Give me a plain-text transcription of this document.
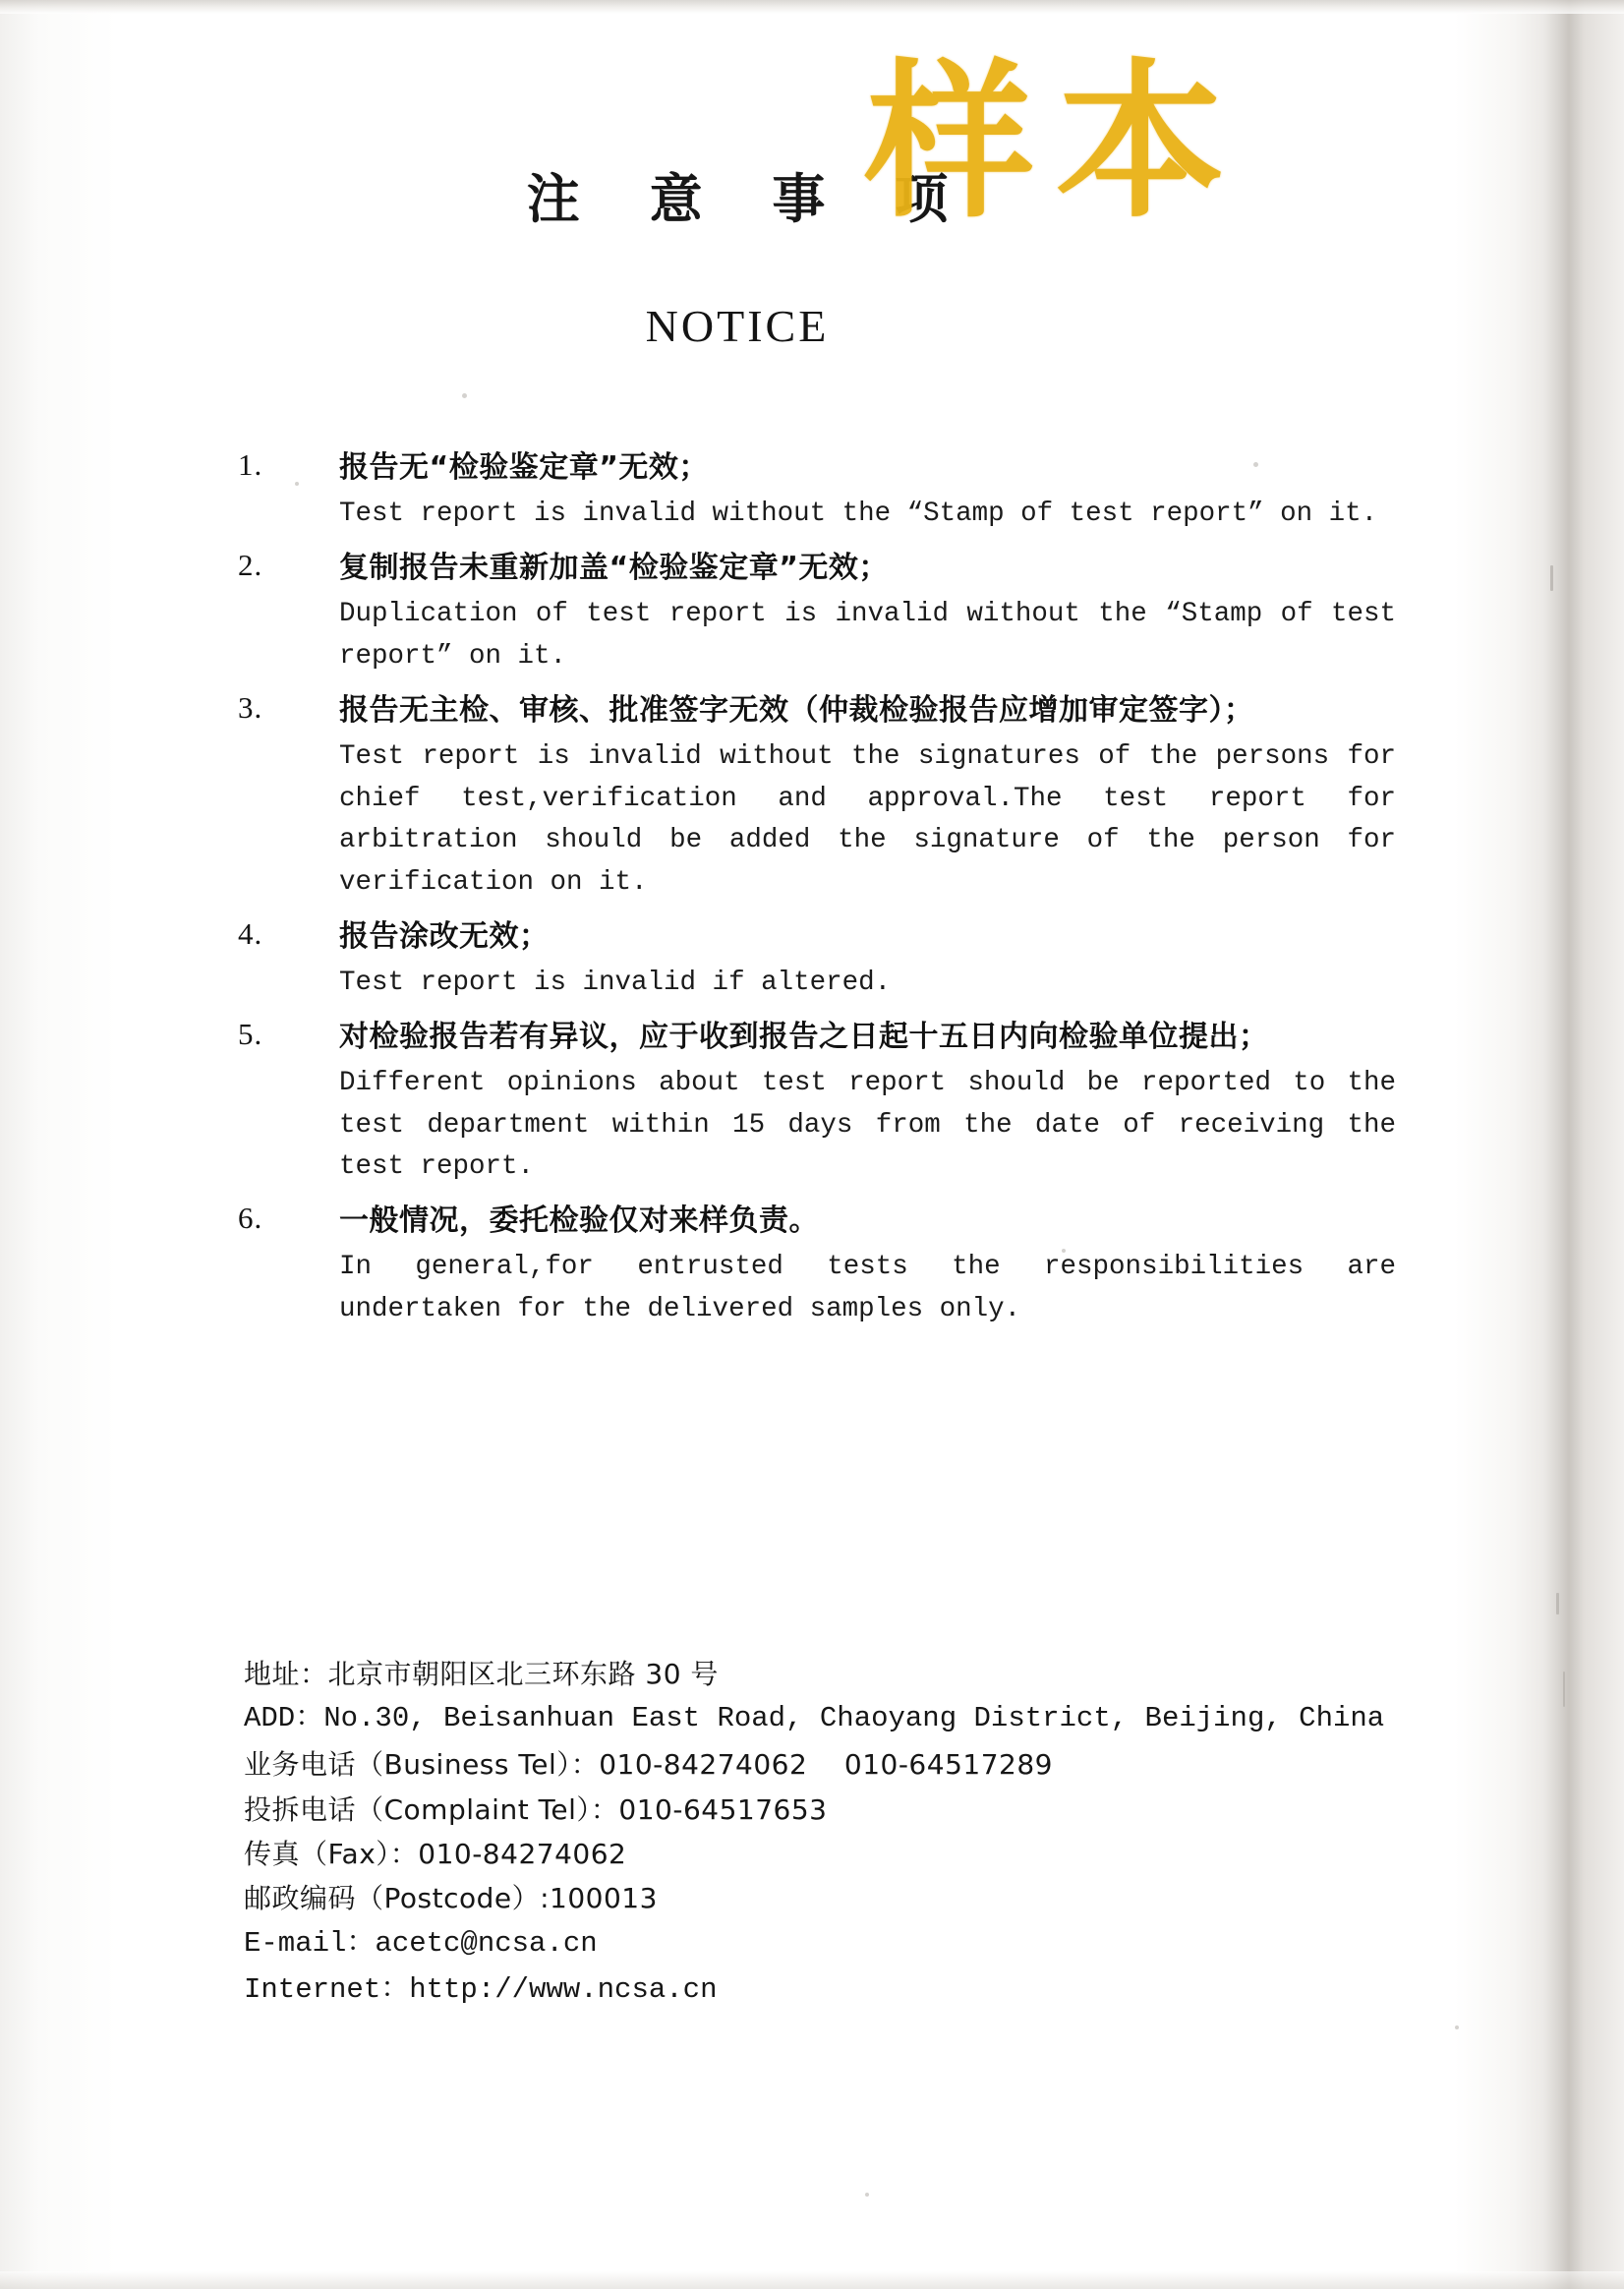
注 意 事 项
NOTICE
1.	报告无“检验鉴定章”无效；
Test report is invalid without the “Stamp of test report” on it.
2.	复制报告未重新加盖“检验鉴定章”无效；
Duplication of test report is invalid without the “Stamp of test report” on it.
3.	报告无主检、审核、批准签字无效（仲裁检验报告应增加审定签字）；
Test report is invalid without the signatures of the persons for chief test,verification and approval.The test report for arbitration should be added the signature of the person for verification on it.
4.	报告涂改无效；
Test report is invalid if altered.
5.	对检验报告若有异议，应于收到报告之日起十五日内向检验单位提出；
Different opinions about test report should be reported to the test department within 15 days from the date of receiving the test report.
6.	一般情况，委托检验仅对来样负责。
In general,for entrusted tests the responsibilities are undertaken for the delivered samples only.
地址：北京市朝阳区北三环东路 30 号
ADD：No.30, Beisanhuan East Road, Chaoyang District, Beijing, China
业务电话（Business Tel）：010-84274062    010-64517289
投拆电话（Complaint Tel）：010-64517653
传真（Fax）：010-84274062
邮政编码（Postcode）:100013
E-mail：acetc@ncsa.cn
Internet：http://www.ncsa.cn
样本
